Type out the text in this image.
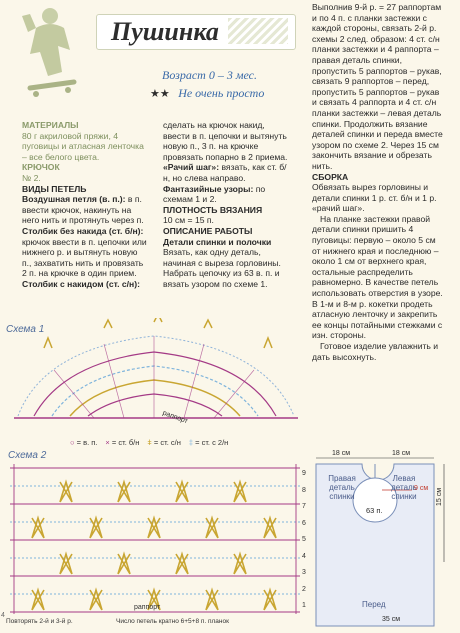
Пушинка
Возраст 0 – 3 мес.
★★ Не очень просто

МАТЕРИАЛЫ

80 г акриловой пряжи, 4 пуговицы и атласная ленточка – все белого цвета.

КРЮЧОК

№ 2.

ВИДЫ ПЕТЕЛЬ

Воздушная петля (в. п.): в п. ввести крючок, накинуть на него нить и протянуть через п.

Столбик без накида (ст. б/н): крючок ввести в п. цепочки или нижнего р. и вытянуть новую п., захватить нить и провязать 2 п. на крючке в один прием.

Столбик с накидом (ст. с/н):

сделать на крючок накид, ввести в п. цепочки и вытянуть новую п., 3 п. на крючке провязать попарно в 2 приема.

«Рачий шаг»: вязать, как ст. б/н, но слева направо.

Фантазийные узоры: по схемам 1 и 2.

ПЛОТНОСТЬ ВЯЗАНИЯ

10 см = 15 п.

ОПИСАНИЕ РАБОТЫ

Детали спинки и полочки

Вязать, как одну деталь, начиная с вырезa горловины. Набрать цепочку из 63 в. п. и вязать узором по схеме 1.

Выполнив 9-й р. = 27 раппортам и по 4 п. с планки застежки с каждой стороны, связать 2-й р. схемы 2 след. образом: 4 ст. с/н планки застежки и 4 раппорта – правая деталь спинки, пропустить 5 раппортов – рукав, связать 9 раппортов – перед, пропустить 5 раппортов – рукав и связать 4 раппорта и 4 ст. с/н планки застежки – левая деталь спинки. Продолжить вязание деталей спинки и переда вместе узором по схеме 2. Через 15 см закончить вязание и обрезать нить.

СБОРКА

Обвязать вырез горловины и детали спинки 1 р. ст. б/н и 1 р. «рачий шаг».

На планке застежки правой детали спинки пришить 4 пуговицы: первую – около 5 см от нижнего края и последнюю – около 1 см от верхнего края, остальные распределить равномерно. В качестве петель использовать отверстия в узоре. В 1-м и 8-м р. кокетки продеть атласную ленточку и закрепить ее концы потайными стежками с изн. стороны.

Готовое изделие увлажнить и дать высохнуть.

Схема 1
раппорт
○ = в. п. × = ст. б/н ǂ = ст. с/н ‡ = ст. с 2/н
Схема 2
9
8
7
6
5
4
3
2
1
раппорт
Повторять 2-й и 3-й р.	Число петель кратно 6+5+8 п. планок
18 см	18 см
Правая деталь спинки
Левая деталь спинки	15 см
63 п.
9 см
Перед
35 см
4
